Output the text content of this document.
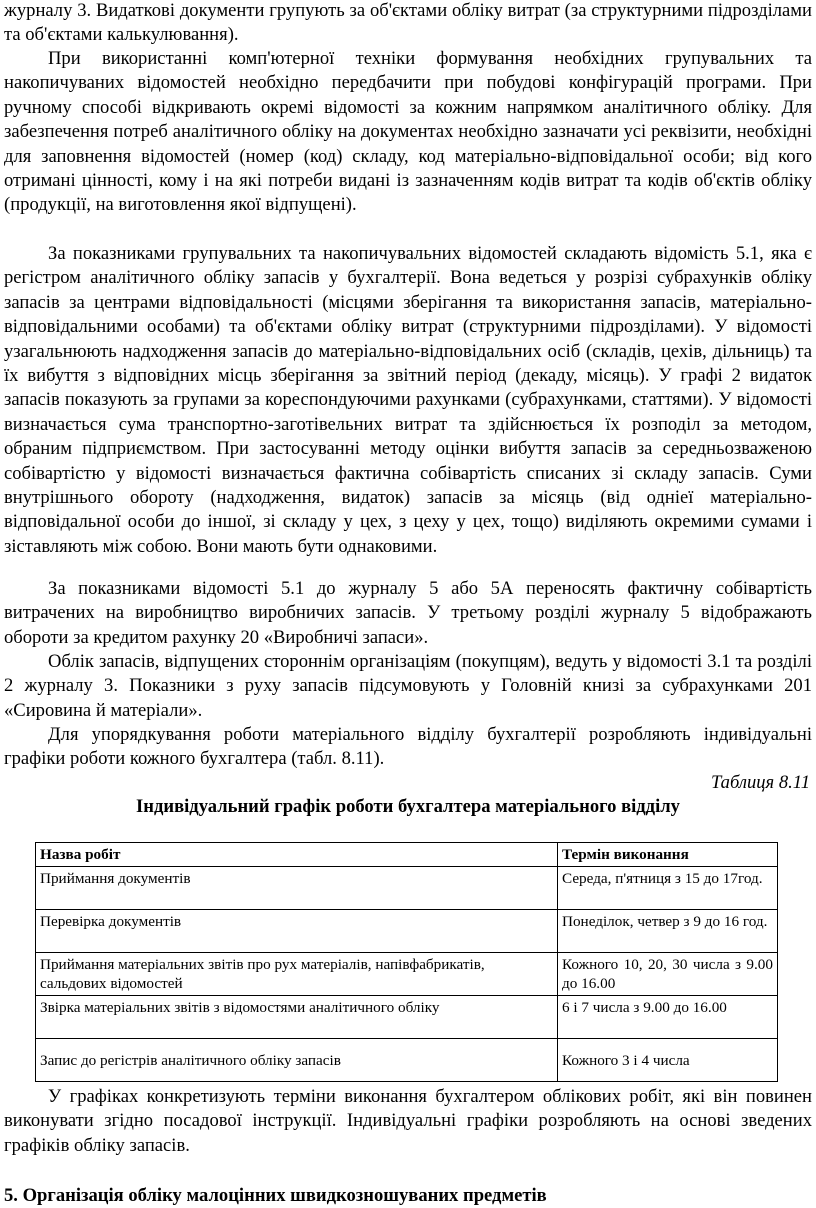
журналу 3. Видаткові документи групують за об'єктами обліку витрат (за структурними підрозділами та об'єктами калькулювання).

При використанні комп'ютерної техніки формування необхідних групувальних та накопичуваних відомостей необхідно передбачити при побудові конфігурацій програми. При ручному способі відкривають окремі відомості за кожним напрямком аналітичного обліку. Для забезпечення потреб аналітичного обліку на документах необхідно зазначати усі реквізити, необхідні для заповнення відомостей (номер (код) складу, код матеріально-відповідальної особи; від кого отримані цінності, кому і на які потреби видані із зазначенням кодів витрат та кодів об'єктів обліку (продукції, на виготовлення якої відпущені).

За показниками групувальних та накопичувальних відомостей складають відомість 5.1, яка є регістром аналітичного обліку запасів у бухгалтерії. Вона ведеться у розрізі субрахунків обліку запасів за центрами відповідальності (місцями зберігання та використання запасів, матеріально-відповідальними особами) та об'єктами обліку витрат (структурними підрозділами). У відомості узагальнюють надходження запасів до матеріально-відповідальних осіб (складів, цехів, дільниць) та їх вибуття з відповідних місць зберігання за звітний період (декаду, місяць). У графі 2 видаток запасів показують за групами за кореспондуючими рахунками (субрахунками, статтями). У відомості визначається сума транспортно-заготівельних витрат та здійснюється їх розподіл за методом, обраним підприємством. При застосуванні методу оцінки вибуття запасів за середньозваженою собівартістю у відомості визначається фактична собівартість списаних зі складу запасів. Суми внутрішнього обороту (надходження, видаток) запасів за місяць (від одніеї матеріально-відповідальної особи до іншої, зі складу у цех, з цеху у цех, тощо) виділяють окремими сумами і зіставляють між собою. Вони мають бути однаковими.

За показниками відомості 5.1 до журналу 5 або 5А переносять фактичну собівартість витрачених на виробництво виробничих запасів. У третьому розділі журналу 5 відображають обороти за кредитом рахунку 20 «Виробничі запаси».

Облік запасів, відпущених стороннім організаціям (покупцям), ведуть у відомості 3.1 та розділі 2 журналу 3. Показники з руху запасів підсумовують у Головній книзі за субрахунками 201 «Сировина й матеріали».

Для упорядкування роботи матеріального відділу бухгалтерії розробляють індивідуальні графіки роботи кожного бухгалтера (табл. 8.11).

Таблиця 8.11
Індивідуальний графік роботи бухгалтера матеріального відділу
Назва робіт	Термін виконання
Приймання документів	Середа, п'ятниця з 15 до 17год.
Перевірка документів	Понеділок, четвер з 9 до 16 год.
Приймання матеріальних звітів про рух матеріалів, напівфабрикатів, сальдових відомостей	Кожного 10, 20, 30 числа з 9.00 до 16.00
Звірка матеріальних звітів з відомостями аналітичного обліку	6 і 7 числа з 9.00 до 16.00
Запис до регістрів аналітичного обліку запасів	Кожного 3 і 4 числа

У графіках конкретизують терміни виконання бухгалтером облікових робіт, які він повинен виконувати згідно посадової інструкції. Індивідуальні графіки розробляють на основі зведених графіків обліку запасів.

5. Організація обліку малоцінних швидкозношуваних предметів
